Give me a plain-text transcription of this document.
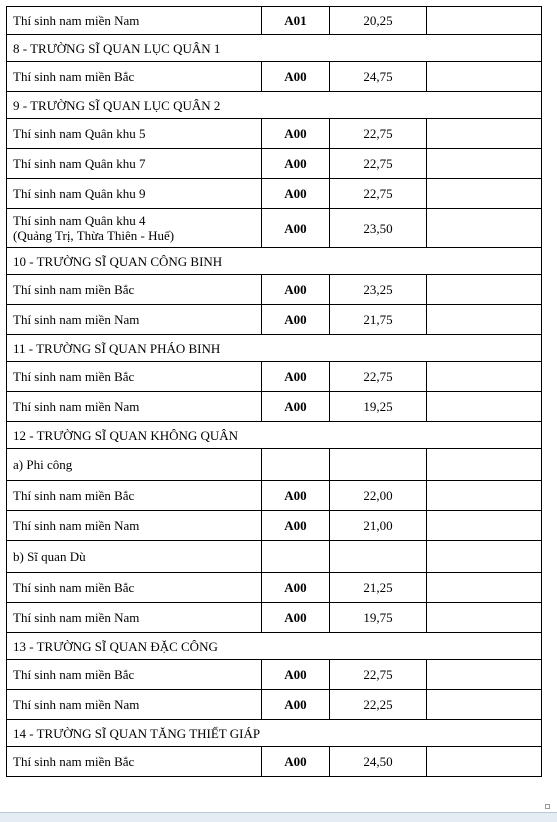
Thí sinh nam miền Nam	A01	20,25	
8 - TRƯỜNG SĨ QUAN LỤC QUÂN 1			

Thí sinh nam miền Bắc	A00	24,75	
9 - TRƯỜNG SĨ QUAN LỤC QUÂN 2			

Thí sinh nam Quân khu 5	A00	22,75	

Thí sinh nam Quân khu 7	A00	22,75	

Thí sinh nam Quân khu 9	A00	22,75	

Thí sinh nam Quân khu 4
(Quảng Trị, Thừa Thiên - Huế)	A00	23,50	
10 - TRƯỜNG SĨ QUAN CÔNG BINH			

Thí sinh nam miền Bắc	A00	23,25	

Thí sinh nam miền Nam	A00	21,75	
11 - TRƯỜNG SĨ QUAN PHÁO BINH			

Thí sinh nam miền Bắc	A00	22,75	

Thí sinh nam miền Nam	A00	19,25	
12 - TRƯỜNG SĨ QUAN KHÔNG QUÂN			
a) Phi công			

Thí sinh nam miền Bắc	A00	22,00	

Thí sinh nam miền Nam	A00	21,00	
b) Sĩ quan Dù			

Thí sinh nam miền Bắc	A00	21,25	

Thí sinh nam miền Nam	A00	19,75	
13 - TRƯỜNG SĨ QUAN ĐẶC CÔNG			

Thí sinh nam miền Bắc	A00	22,75	

Thí sinh nam miền Nam	A00	22,25	
14 - TRƯỜNG SĨ QUAN TĂNG THIẾT GIÁP			

Thí sinh nam miền Bắc	A00	24,50	
